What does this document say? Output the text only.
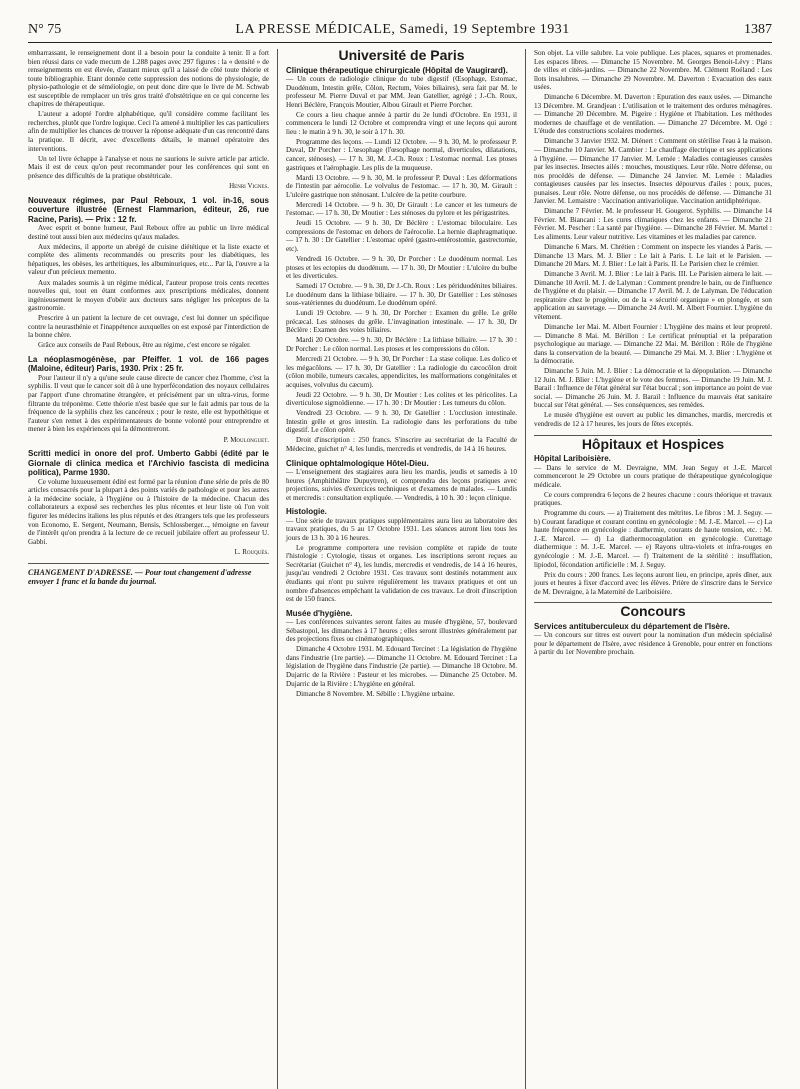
N° 75	LA PRESSE MÉDICALE, Samedi, 19 Septembre 1931	1387

embarrassant, le renseignement dont il a besoin pour la conduite à tenir. Il a fort bien réussi dans ce vade mecum de 1.288 pages avec 297 figures : la « densité » de renseignements en est élevée, d'autant mieux qu'il a laissé de côté toute théorie et toute bibliographie. Etant donnée cette suppression des notions de physiologie, de physio-pathologie et de séméiologie, on peut donc dire que le livre de M. Schwab est susceptible de remplacer un très gros traité d'obstétrique en ce qui concerne les chapitres de thérapeutique.

L'auteur a adopté l'ordre alphabétique, qu'il considère comme facilitant les recherches, plutôt que l'ordre logique. Ceci l'a amené à multiplier les cas particuliers afin de multiplier les chances de trouver la réponse adéquate d'un cas rencontré dans la pratique. Il décrit, avec d'excellents détails, le manuel opératoire des interventions.

Un tel livre échappe à l'analyse et nous ne saurions le suivre article par article. Mais il est de ceux qu'on peut recommander pour les conférences qui sont en présence des difficultés de la pratique obstétricale.

Henri Vignes.

Nouveaux régimes, par Paul Reboux, 1 vol. in-16, sous couverture illustrée (Ernest Flammarion, éditeur, 26, rue Racine, Paris). — Prix : 12 fr.

Avec esprit et bonne humeur, Paul Reboux offre au public un livre médical destiné tout aussi bien aux médecins qu'aux malades.

Aux médecins, il apporte un abrégé de cuisine diététique et la liste exacte et complète des aliments recommandés ou prescrits pour les diabétiques, les hépatiques, les obèses, les arthritiques, les albuminuriques, etc... Par là, l'œuvre a la valeur d'un précieux memento.

Aux malades soumis à un régime médical, l'auteur propose trois cents recettes nouvelles qui, tout en étant conformes aux prescriptions médicales, donnent ingénieusement le moyen d'obéir aux docteurs sans négliger les préceptes de la gastronomie.

Prescrire à un patient la lecture de cet ouvrage, c'est lui donner un spécifique contre la neurasthénie et l'inappétence auxquelles on est exposé par l'interdiction de la bonne chère.

Grâce aux conseils de Paul Reboux, être au régime, c'est encore se régaler.

La néoplasmogénèse, par Pfeiffer. 1 vol. de 166 pages (Maloine, éditeur) Paris, 1930. Prix : 25 fr.

Pour l'auteur il n'y a qu'une seule cause directe de cancer chez l'homme, c'est la syphilis. Il veut que le cancer soit dû à une hyperfécondation des noyaux cellulaires par l'apport d'une chromatine étrangère, et précisément par un ultra-virus, forme filtrante du tréponème. Cette théorie n'est basée que sur le fait admis par tous de la fréquence de la syphilis chez les cancéreux ; pour le reste, elle est hypothétique et l'auteur s'en remet à des expérimentateurs de bonne volonté pour entreprendre et mener à bien les expériences qui la démontreront.

P. Moulonguet.

Scritti medici in onore del prof. Umberto Gabbi (édité par le Giornale di clinica medica et l'Archivio fascista di medicina politica), Parme 1930.

Ce volume luxueusement édité est formé par la réunion d'une série de près de 80 articles consacrés pour la plupart à des points variés de pathologie et pour les autres à la médecine sociale, à l'hygiène ou à l'histoire de la médecine. Chacun des collaborateurs a exposé ses recherches les plus récentes et leur liste où l'on voit figurer les médecins italiens les plus réputés et des étrangers tels que les professeurs von Economo, E. Sergent, Neumann, Bensis, Schlossberger..., témoigne en faveur de l'intérêt qu'on prendra à la lecture de ce recueil jubilaire offert au professeur U. Gabbi.

L. Rouquès.

CHANGEMENT D'ADRESSE. — Pour tout changement d'adresse envoyer 1 franc et la bande du journal.

Université de Paris
Clinique thérapeutique chirurgicale (Hôpital de Vaugirard).

— Un cours de radiologie clinique du tube digestif (Œsophage, Estomac, Duodénum, Intestin grêle, Côlon, Rectum, Voies biliaires), sera fait par M. le professeur M. Pierre Duval et par MM. Jean Gatellier, agrégé ; J.-Ch. Roux, Henri Béclère, François Moutier, Albou Girault et Pierre Porcher.

Ce cours a lieu chaque année à partir du 2e lundi d'Octobre. En 1931, il commencera le lundi 12 Octobre et comprendra vingt et une leçons qui auront lieu : le matin à 9 h. 30, le soir à 17 h. 30.

Programme des leçons. — Lundi 12 Octobre. — 9 h. 30, M. le professeur P. Duval, Dr Porcher : L'œsophage (l'œsophage normal, diverticules, dilatations, cancer, sténoses). — 17 h. 30, M. J.-Ch. Roux : L'estomac normal. Les ptoses gastriques et l'aérophagie. Les plis de la muqueuse.

Mardi 13 Octobre. — 9 h. 30, M. le professeur P. Duval : Les déformations de l'intestin par aérocolie. Le volvulus de l'estomac. — 17 h. 30, M. Girault : L'ulcère gastrique non sténosant. L'ulcère de la petite courbure.

Mercredi 14 Octobre. — 9 h. 30, Dr Girault : Le cancer et les tumeurs de l'estomac. — 17 h. 30, Dr Moutier : Les sténoses du pylore et les périgastrites.

Jeudi 15 Octobre. — 9 h. 30, Dr Béclère : L'estomac biloculaire. Les compressions de l'estomac en dehors de l'aérocolie. La hernie diaphragmatique. — 17 h. 30 : Dr Gatellier : L'estomac opéré (gastro-entérostomie, gastrectomie, etc).

Vendredi 16 Octobre. — 9 h. 30, Dr Porcher : Le duodénum normal. Les ptoses et les ectopies du duodénum. — 17 h. 30, Dr Moutier : L'ulcère du bulbe et les diverticules.

Samedi 17 Octobre. — 9 h. 30, Dr J.-Ch. Roux : Les périduodénites biliaires. Le duodénum dans la lithiase biliaire. — 17 h. 30, Dr Gatellier : Les sténoses sous-vatériennes du duodénum. Le duodénum opéré.

Lundi 19 Octobre. — 9 h. 30, Dr Porcher : Examen du grêle. Le grêle précæcal. Les sténoses du grêle. L'invagination intestinale. — 17 h. 30, Dr Béclère : Examen des voies biliaires.

Mardi 20 Octobre. — 9 h. 30, Dr Béclère : La lithiase biliaire. — 17 h. 30 : Dr Porcher : Le côlon normal. Les ptoses et les compressions du côlon.

Mercredi 21 Octobre. — 9 h. 30, Dr Porcher : La stase colique. Les dolico et les mégacôlons. — 17 h. 30, Dr Gatellier : La radiologie du cæcocôlon droit (côlon mobile, tumeurs cæcales, appendicites, les malformations congénitales et acquises, volvulus du cæcum).

Jeudi 22 Octobre. — 9 h. 30, Dr Moutier : Les colites et les péricolites. La diverticulose sigmoïdienne. — 17 h. 30 : Dr Moutier : Les tumeurs du côlon.

Vendredi 23 Octobre. — 9 h. 30, Dr Gatellier : L'occlusion intestinale. Intestin grêle et gros intestin. La radiologie dans les perforations du tube digestif. Le côlon opéré.

Droit d'inscription : 250 francs. S'inscrire au secrétariat de la Faculté de Médecine, guichet n° 4, les lundis, mercredis et vendredis, de 14 à 16 heures.

Clinique ophtalmologique Hôtel-Dieu.

— L'enseignement des stagiaires aura lieu les mardis, jeudis et samedis à 10 heures (Amphithéâtre Dupuytren), et comprendra des leçons pratiques avec projections, suivies d'exercices techniques et d'examens de malades. — Lundis et mercredis : consultation expliquée. — Vendredis, à 10 h. 30 : leçon clinique.

Histologie.

— Une série de travaux pratiques supplémentaires aura lieu au laboratoire des travaux pratiques, du 5 au 17 Octobre 1931. Les séances auront lieu tous les jours de 13 h. 30 à 16 heures.

Le programme comportera une revision complète et rapide de toute l'histologie : Cytologie, tissus et organes. Les inscriptions seront reçues au Secrétariat (Guichet n° 4), les lundis, mercredis et vendredis, de 14 à 16 heures, jusqu'au vendredi 2 Octobre 1931. Ces travaux sont destinés notamment aux étudiants qui n'ont pu suivre régulièrement les travaux pratiques et ont un nombre d'absences empêchant la validation de ces travaux. Le droit d'inscription est de 150 francs.

Musée d'hygiène.

— Les conférences suivantes seront faites au musée d'hygiène, 57, boulevard Sébastopol, les dimanches à 17 heures ; elles seront illustrées généralement par des projections fixes ou cinématographiques.

Dimanche 4 Octobre 1931. M. Edouard Tercinet : La législation de l'hygiène dans l'industrie (1re partie). — Dimanche 11 Octobre. M. Edouard Tercinet : La législation de l'hygiène dans l'industrie (2e partie). — Dimanche 18 Octobre. M. Dujarric de la Rivière : Pasteur et les microbes. — Dimanche 25 Octobre. M. Dujarric de la Rivière : L'hygiène en général.

Dimanche 8 Novembre. M. Sébille : L'hygiène urbaine.

Son objet. La ville salubre. La voie publique. Les places, squares et promenades. Les espaces libres. — Dimanche 15 Novembre. M. Georges Benoit-Lévy : Plans de villes et cités-jardins. — Dimanche 22 Novembre. M. Clément Roéland : Les îlots insalubres. — Dimanche 29 Novembre. M. Daverton : Evacuation des eaux usées.

Dimanche 6 Décembre. M. Daverton : Epuration des eaux usées. — Dimanche 13 Décembre. M. Grandjean : L'utilisation et le traitement des ordures ménagères. — Dimanche 20 Décembre. M. Pigeire : Hygiène et l'habitation. Les méthodes modernes de chauffage et de ventilation. — Dimanche 27 Décembre. M. Ogé : L'étude des constructions scolaires modernes.

Dimanche 3 Janvier 1932. M. Diénert : Comment on stérilise l'eau à la maison. — Dimanche 10 Janvier. M. Cambier : Le chauffage électrique et ses applications à l'hygiène. — Dimanche 17 Janvier. M. Lemée : Maladies contagieuses causées par les insectes. Insectes ailés : mouches, moustiques. Leur rôle. Notre défense, ou nos procédés de défense. — Dimanche 24 Janvier. M. Lemée : Maladies contagieuses causées par les insectes. Insectes dépourvus d'ailes : poux, puces, punaises. Leur rôle. Notre défense, ou nos procédés de défense. — Dimanche 31 Janvier. M. Lemaistre : Vaccination antivariolique. Vaccination antidiphtérique.

Dimanche 7 Février. M. le professeur H. Gougerot. Syphilis. — Dimanche 14 Février. M. Biancani : Les cures climatiques chez les enfants. — Dimanche 21 Février. M. Pescher : La santé par l'hygiène. — Dimanche 28 Février. M. Martel : Les aliments. Leur valeur nutritive. Les vitamines et les maladies par carence.

Dimanche 6 Mars. M. Chrétien : Comment on inspecte les viandes à Paris. — Dimanche 13 Mars. M. J. Blier : Le lait à Paris. I. Le lait et le Parisien. — Dimanche 20 Mars. M. J. Blier : Le lait à Paris. II. Le Parisien chez le crémier.

Dimanche 3 Avril. M. J. Blier : Le lait à Paris. III. Le Parisien aimera le lait. — Dimanche 10 Avril. M. J. de Lalyman : Comment prendre le bain, ou de l'influence de l'hygiène et du plaisir. — Dimanche 17 Avril. M. J. de Lalyman. De l'éducation respiratoire chez le progénie, ou de la « sécurité organique » en plongée, et son application au sauvetage. — Dimanche 24 Avril. M. Albert Fournier. L'hygiène du vêtement.

Dimanche 1er Mai. M. Albert Fournier : L'hygiène des mains et leur propreté. — Dimanche 8 Mai. M. Bérillon : Le certificat prénuptial et la préparation psychologique au mariage. — Dimanche 22 Mai. M. Bérillon : Rôle de l'hygiène dans la conservation de la beauté. — Dimanche 29 Mai. M. J. Blier : L'hygiène et la démocratie.

Dimanche 5 Juin. M. J. Blier : La démocratie et la dépopulation. — Dimanche 12 Juin. M. J. Blier : L'hygiène et le vote des femmes. — Dimanche 19 Juin. M. J. Barail : Influence de l'état général sur l'état buccal ; son importance au point de vue social. — Dimanche 26 Juin. M. J. Barail : Influence du mauvais état sanitaire buccal sur l'état général. — Ses conséquences, ses remèdes.

Le musée d'hygiène est ouvert au public les dimanches, mardis, mercredis et vendredis de 12 à 17 heures, les jours de fêtes exceptés.

Hôpitaux et Hospices
Hôpital Lariboisière.

— Dans le service de M. Devraigne, MM. Jean Seguy et J.-E. Marcel commenceront le 29 Octobre un cours pratique de thérapeutique gynécologique médicale.

Ce cours comprendra 6 leçons de 2 heures chacune : cours théorique et travaux pratiques.

Programme du cours. — a) Traitement des métrites. Le fibros : M. J. Seguy. — b) Courant faradique et courant continu en gynécologie : M. J.-E. Marcel. — c) La haute fréquence en gynécologie : diathermie, courants de haute tension, etc. : M. J.-E. Marcel. — d) La diathermocoagulation en gynécologie. Curettage diathermique : M. J.-E. Marcel. — e) Rayons ultra-violets et infra-rouges en gynécologie : M. J.-E. Marcel. — f) Traitement de la stérilité : insufflation, lipiodol, fécondation artificielle : M. J. Seguy.

Prix du cours : 200 francs. Les leçons auront lieu, en principe, après dîner, aux jours et heures à fixer d'accord avec les élèves. Prière de s'inscrire dans le Service de M. Devraigne, à la Maternité de Lariboisière.

Concours
Services antituberculeux du département de l'Isère.

— Un concours sur titres est ouvert pour la nomination d'un médecin spécialisé pour le département de l'Isère, avec résidence à Grenoble, pour entrer en fonctions à partir du 1er Novembre prochain.
